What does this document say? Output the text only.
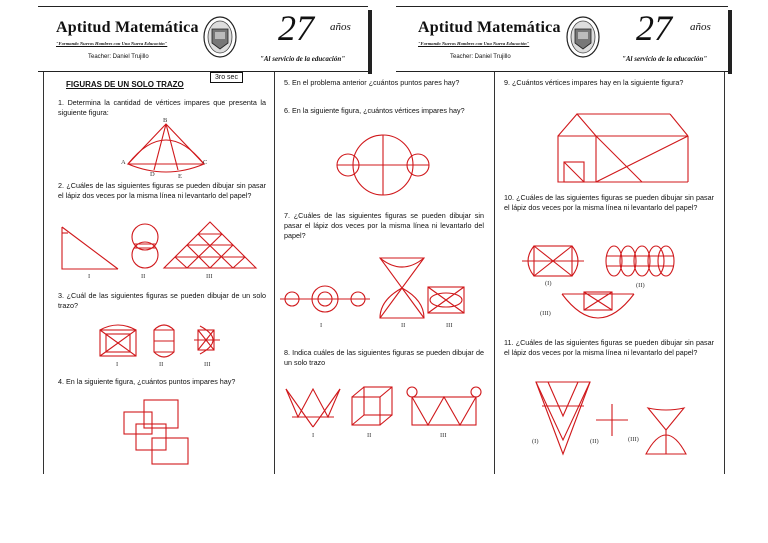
Aptitud Matemática
"Formando Nuevos Hombres con Una Nueva Educación"
Teacher: Daniel Trujillo
27 años
"Al servicio de la educación"
Aptitud Matemática
"Formando Nuevos Hombres con Una Nueva Educación"
Teacher: Daniel Trujillo
27 años
"Al servicio de la educación"
FIGURAS DE UN SOLO TRAZO
3ro sec
1. Determina la cantidad de vértices impares que presenta la siguiente figura:
B
A	C
D	E
2. ¿Cuáles de las siguientes figuras se pueden dibujar sin pasar el lápiz dos veces por la misma línea ni levantarlo del papel?
I	II	III
3. ¿Cuál de las siguientes figuras se pueden dibujar de un solo trazo?
I	II	III
4. En la siguiente figura, ¿cuántos puntos impares hay?
5. En el problema anterior ¿cuántos puntos pares hay?
6. En la siguiente figura, ¿cuántos vértices impares hay?
7. ¿Cuáles de las siguientes figuras se pueden dibujar sin pasar el lápiz dos veces por la misma línea ni levantarlo del papel?
I	II	III
8. Indica cuáles de las siguientes figuras se pueden dibujar de un solo trazo
I	II	III
9. ¿Cuántos vértices impares hay en la siguiente figura?
10. ¿Cuáles de las siguientes figuras se pueden dibujar sin pasar el lápiz dos veces por la misma línea ni levantarlo del papel?
(I)	(II)
(III)
11. ¿Cuáles de las siguientes figuras se pueden dibujar sin pasar el lápiz dos veces por la misma línea ni levantarlo del papel?
(I)	(II)	(III)
